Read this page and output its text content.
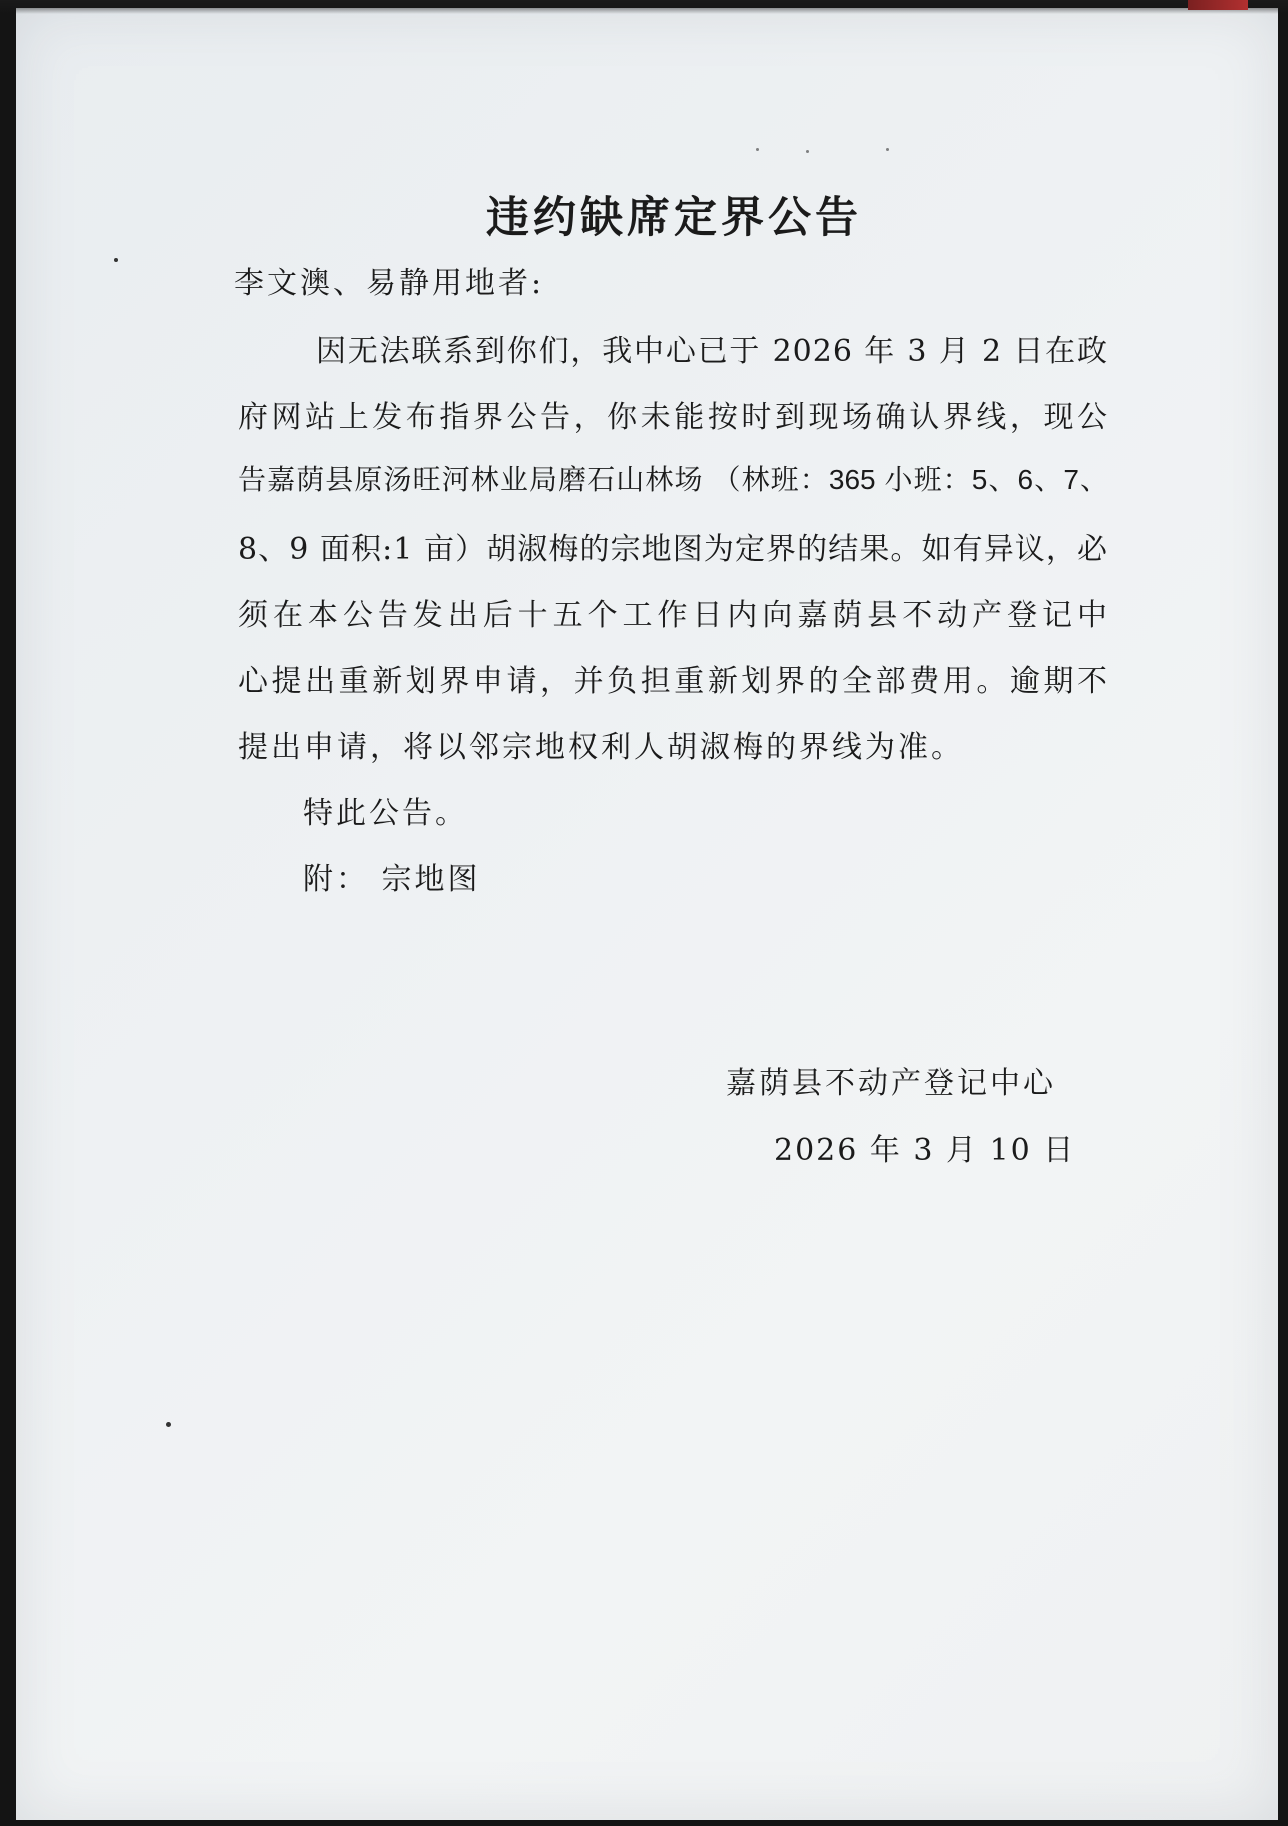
违约缺席定界公告
李文澳、易静用地者:
因无法联系到你们，我中心已于 2026 年 3 月 2 日在政
府网站上发布指界公告，你未能按时到现场确认界线，现公
告嘉荫县原汤旺河林业局磨石山林场 （林班：365 小班：5、6、7、
8、9 面积:1 亩）胡淑梅的宗地图为定界的结果。如有异议，必
须在本公告发出后十五个工作日内向嘉荫县不动产登记中
心提出重新划界申请，并负担重新划界的全部费用。逾期不
提出申请，将以邻宗地权利人胡淑梅的界线为准。
特此公告。
附： 宗地图
嘉荫县不动产登记中心
2026 年 3 月 10 日
